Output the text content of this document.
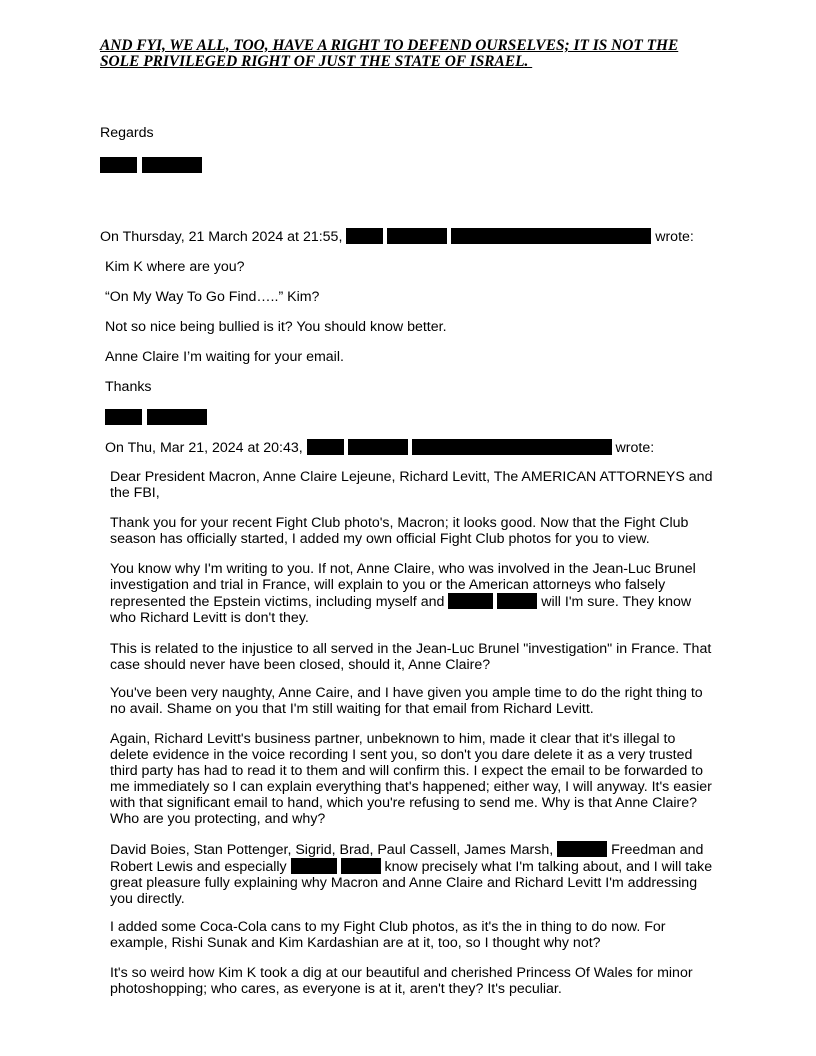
AND FYI, WE ALL, TOO, HAVE A RIGHT TO DEFEND OURSELVES; IT IS NOT THE
SOLE PRIVILEGED RIGHT OF JUST THE STATE OF ISRAEL.
Regards

On Thursday, 21 March 2024 at 21:55,	wrote:
Kim K where are you?
“On My Way To Go Find…..” Kim?
Not so nice being bullied is it? You should know better.
Anne Claire I’m waiting for your email.
Thanks

On Thu, Mar 21, 2024 at 20:43,	wrote:

Dear President Macron, Anne Claire Lejeune, Richard Levitt, The AMERICAN ATTORNEYS and the FBI,

Thank you for your recent Fight Club photo's, Macron; it looks good. Now that the Fight Club season has officially started, I added my own official Fight Club photos for you to view.

You know why I'm writing to you. If not, Anne Claire, who was involved in the Jean-Luc Brunel investigation and trial in France, will explain to you or the American attorneys who falsely represented the Epstein victims, including myself and	will I'm sure. They know who Richard Levitt is don't they.

This is related to the injustice to all served in the Jean-Luc Brunel "investigation" in France. That case should never have been closed, should it, Anne Claire?

You've been very naughty, Anne Caire, and I have given you ample time to do the right thing to no avail. Shame on you that I'm still waiting for that email from Richard Levitt.

Again, Richard Levitt's business partner, unbeknown to him, made it clear that it's illegal to delete evidence in the voice recording I sent you, so don't you dare delete it as a very trusted third party has had to read it to them and will confirm this. I expect the email to be forwarded to me immediately so I can explain everything that's happened; either way, I will anyway. It's easier with that significant email to hand, which you're refusing to send me. Why is that Anne Claire? Who are you protecting, and why?

David Boies, Stan Pottenger, Sigrid, Brad, Paul Cassell, James Marsh,	Freedman and Robert Lewis and especially	know precisely what I'm talking about, and I will take great pleasure fully explaining why Macron and Anne Claire and Richard Levitt I'm addressing you directly.

I added some Coca-Cola cans to my Fight Club photos, as it's the in thing to do now. For example, Rishi Sunak and Kim Kardashian are at it, too, so I thought why not?

It's so weird how Kim K took a dig at our beautiful and cherished Princess Of Wales for minor photoshopping; who cares, as everyone is at it, aren't they? It's peculiar.
